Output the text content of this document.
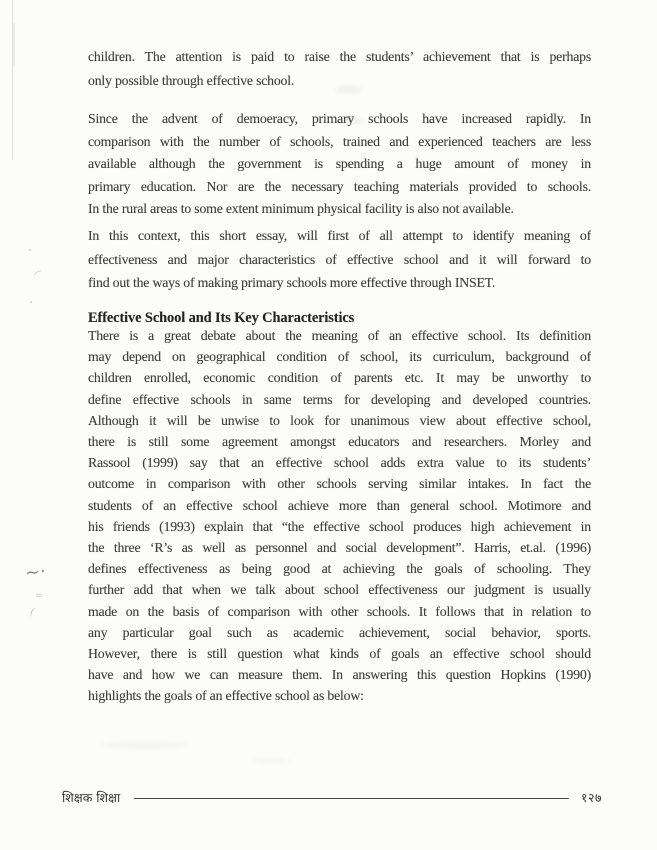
-
(
·
~·
=
(
children. The attention is paid to raise the students’ achievement that is perhaps
only possible through effective school.
Since the advent of demoeracy, primary schools have increased rapidly. In
comparison with the number of schools, trained and experienced teachers are less
available although the government is spending a huge amount of money in
primary education. Nor are the necessary teaching materials provided to schools.
In the rural areas to some extent minimum physical facility is also not available.
In this context, this short essay, will first of all attempt to identify meaning of
effectiveness and major characteristics of effective school and it will forward to
find out the ways of making primary schools more effective through INSET.
Effective School and Its Key Characteristics
There is a great debate about the meaning of an effective school. Its definition
may depend on geographical condition of school, its curriculum, background of
children enrolled, economic condition of parents etc. It may be unworthy to
define effective schools in same terms for developing and developed countries.
Although it will be unwise to look for unanimous view about effective school,
there is still some agreement amongst educators and researchers. Morley and
Rassool (1999) say that an effective school adds extra value to its students’
outcome in comparison with other schools serving similar intakes. In fact the
students of an effective school achieve more than general school. Motimore and
his friends (1993) explain that “the effective school produces high achievement in
the three ‘R’s as well as personnel and social development”. Harris, et.al. (1996)
defines effectiveness as being good at achieving the goals of schooling. They
further add that when we talk about school effectiveness our judgment is usually
made on the basis of comparison with other schools. It follows that in relation to
any particular goal such as academic achievement, social behavior, sports.
However, there is still question what kinds of goals an effective school should
have and how we can measure them. In answering this question Hopkins (1990)
highlights the goals of an effective school as below:
शिक्षक शिक्षा	१२७
